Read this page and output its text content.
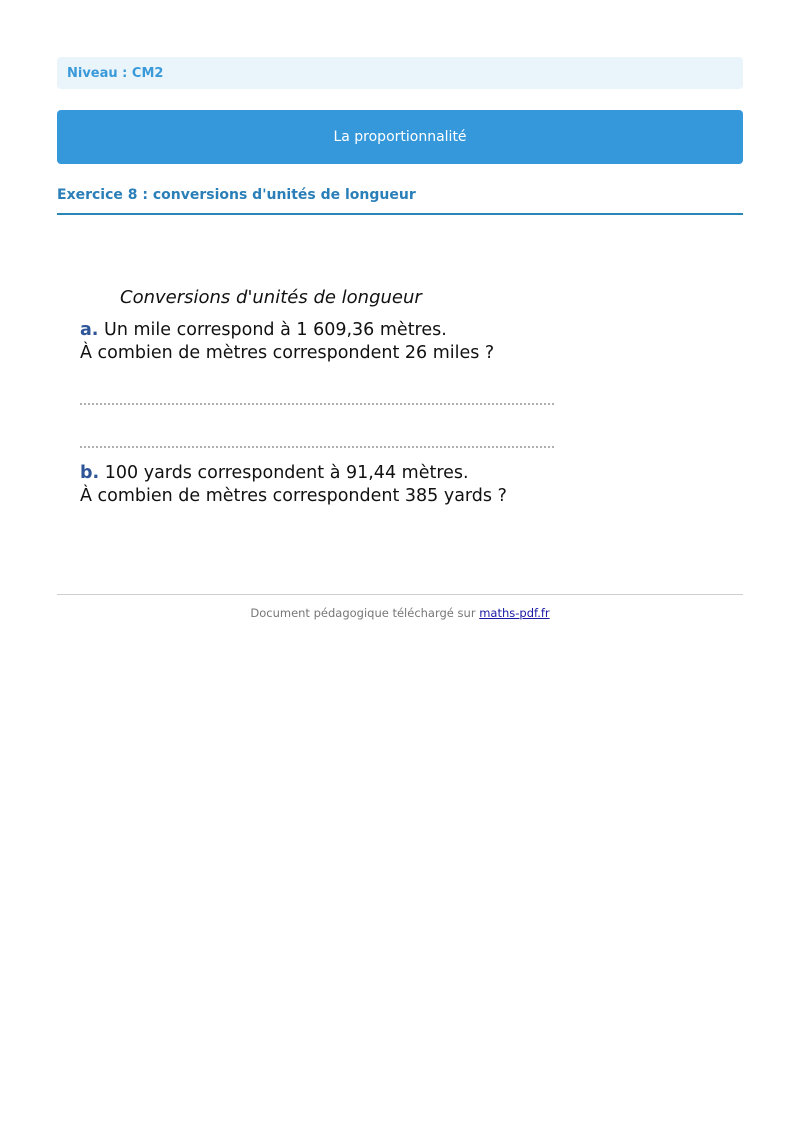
Niveau : CM2
La proportionnalité
Exercice 8 : conversions d'unités de longueur
Conversions d'unités de longueur
a. Un mile correspond à 1 609,36 mètres.
À combien de mètres correspondent 26 miles ?
b. 100 yards correspondent à 91,44 mètres.
À combien de mètres correspondent 385 yards ?
Document pédagogique téléchargé sur maths-pdf.fr
